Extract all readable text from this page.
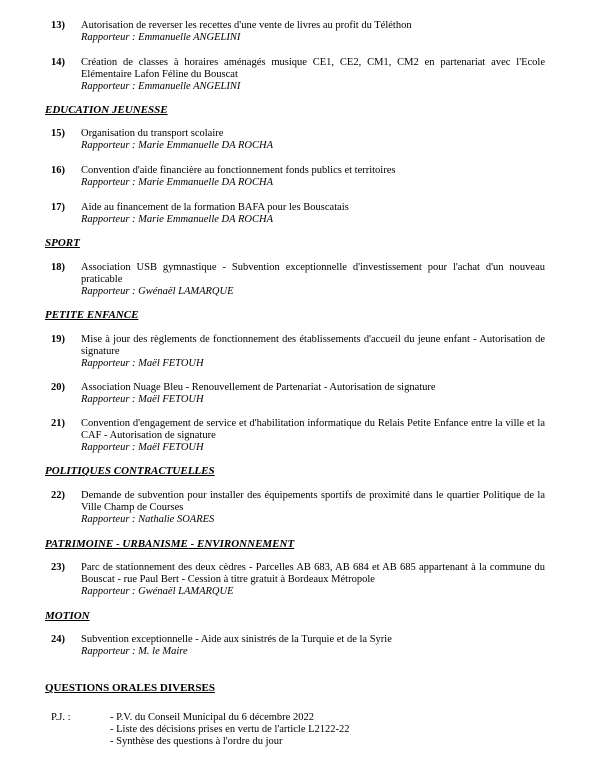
13) Autorisation de reverser les recettes d'une vente de livres au profit du Téléthon
Rapporteur : Emmanuelle ANGELINI
14) Création de classes à horaires aménagés musique CE1, CE2, CM1, CM2 en partenariat avec l'Ecole Elémentaire Lafon Féline du Bouscat
Rapporteur : Emmanuelle ANGELINI
EDUCATION JEUNESSE
15) Organisation du transport scolaire
Rapporteur : Marie Emmanuelle DA ROCHA
16) Convention d'aide financière au fonctionnement fonds publics et territoires
Rapporteur : Marie Emmanuelle DA ROCHA
17) Aide au financement de la formation BAFA pour les Bouscatais
Rapporteur : Marie Emmanuelle DA ROCHA
SPORT
18) Association USB gymnastique - Subvention exceptionnelle d'investissement pour l'achat d'un nouveau praticable
Rapporteur : Gwénaël LAMARQUE
PETITE ENFANCE
19) Mise à jour des règlements de fonctionnement des établissements d'accueil du jeune enfant - Autorisation de signature
Rapporteur : Maël FETOUH
20) Association Nuage Bleu - Renouvellement de Partenariat - Autorisation de signature
Rapporteur : Maël FETOUH
21) Convention d'engagement de service et d'habilitation informatique du Relais Petite Enfance entre la ville et la CAF - Autorisation de signature
Rapporteur : Maël FETOUH
POLITIQUES CONTRACTUELLES
22) Demande de subvention pour installer des équipements sportifs de proximité dans le quartier Politique de la Ville Champ de Courses
Rapporteur : Nathalie SOARES
PATRIMOINE - URBANISME - ENVIRONNEMENT
23) Parc de stationnement des deux cèdres - Parcelles AB 683, AB 684 et AB 685 appartenant à la commune du Bouscat - rue Paul Bert - Cession à titre gratuit à Bordeaux Métropole
Rapporteur : Gwénaël LAMARQUE
MOTION
24) Subvention exceptionnelle - Aide aux sinistrés de la Turquie et de la Syrie
Rapporteur : M. le Maire
QUESTIONS ORALES DIVERSES
P.J. :	- P.V. du Conseil Municipal du 6 décembre 2022
- Liste des décisions prises en vertu de l'article L2122-22
- Synthèse des questions à l'ordre du jour
